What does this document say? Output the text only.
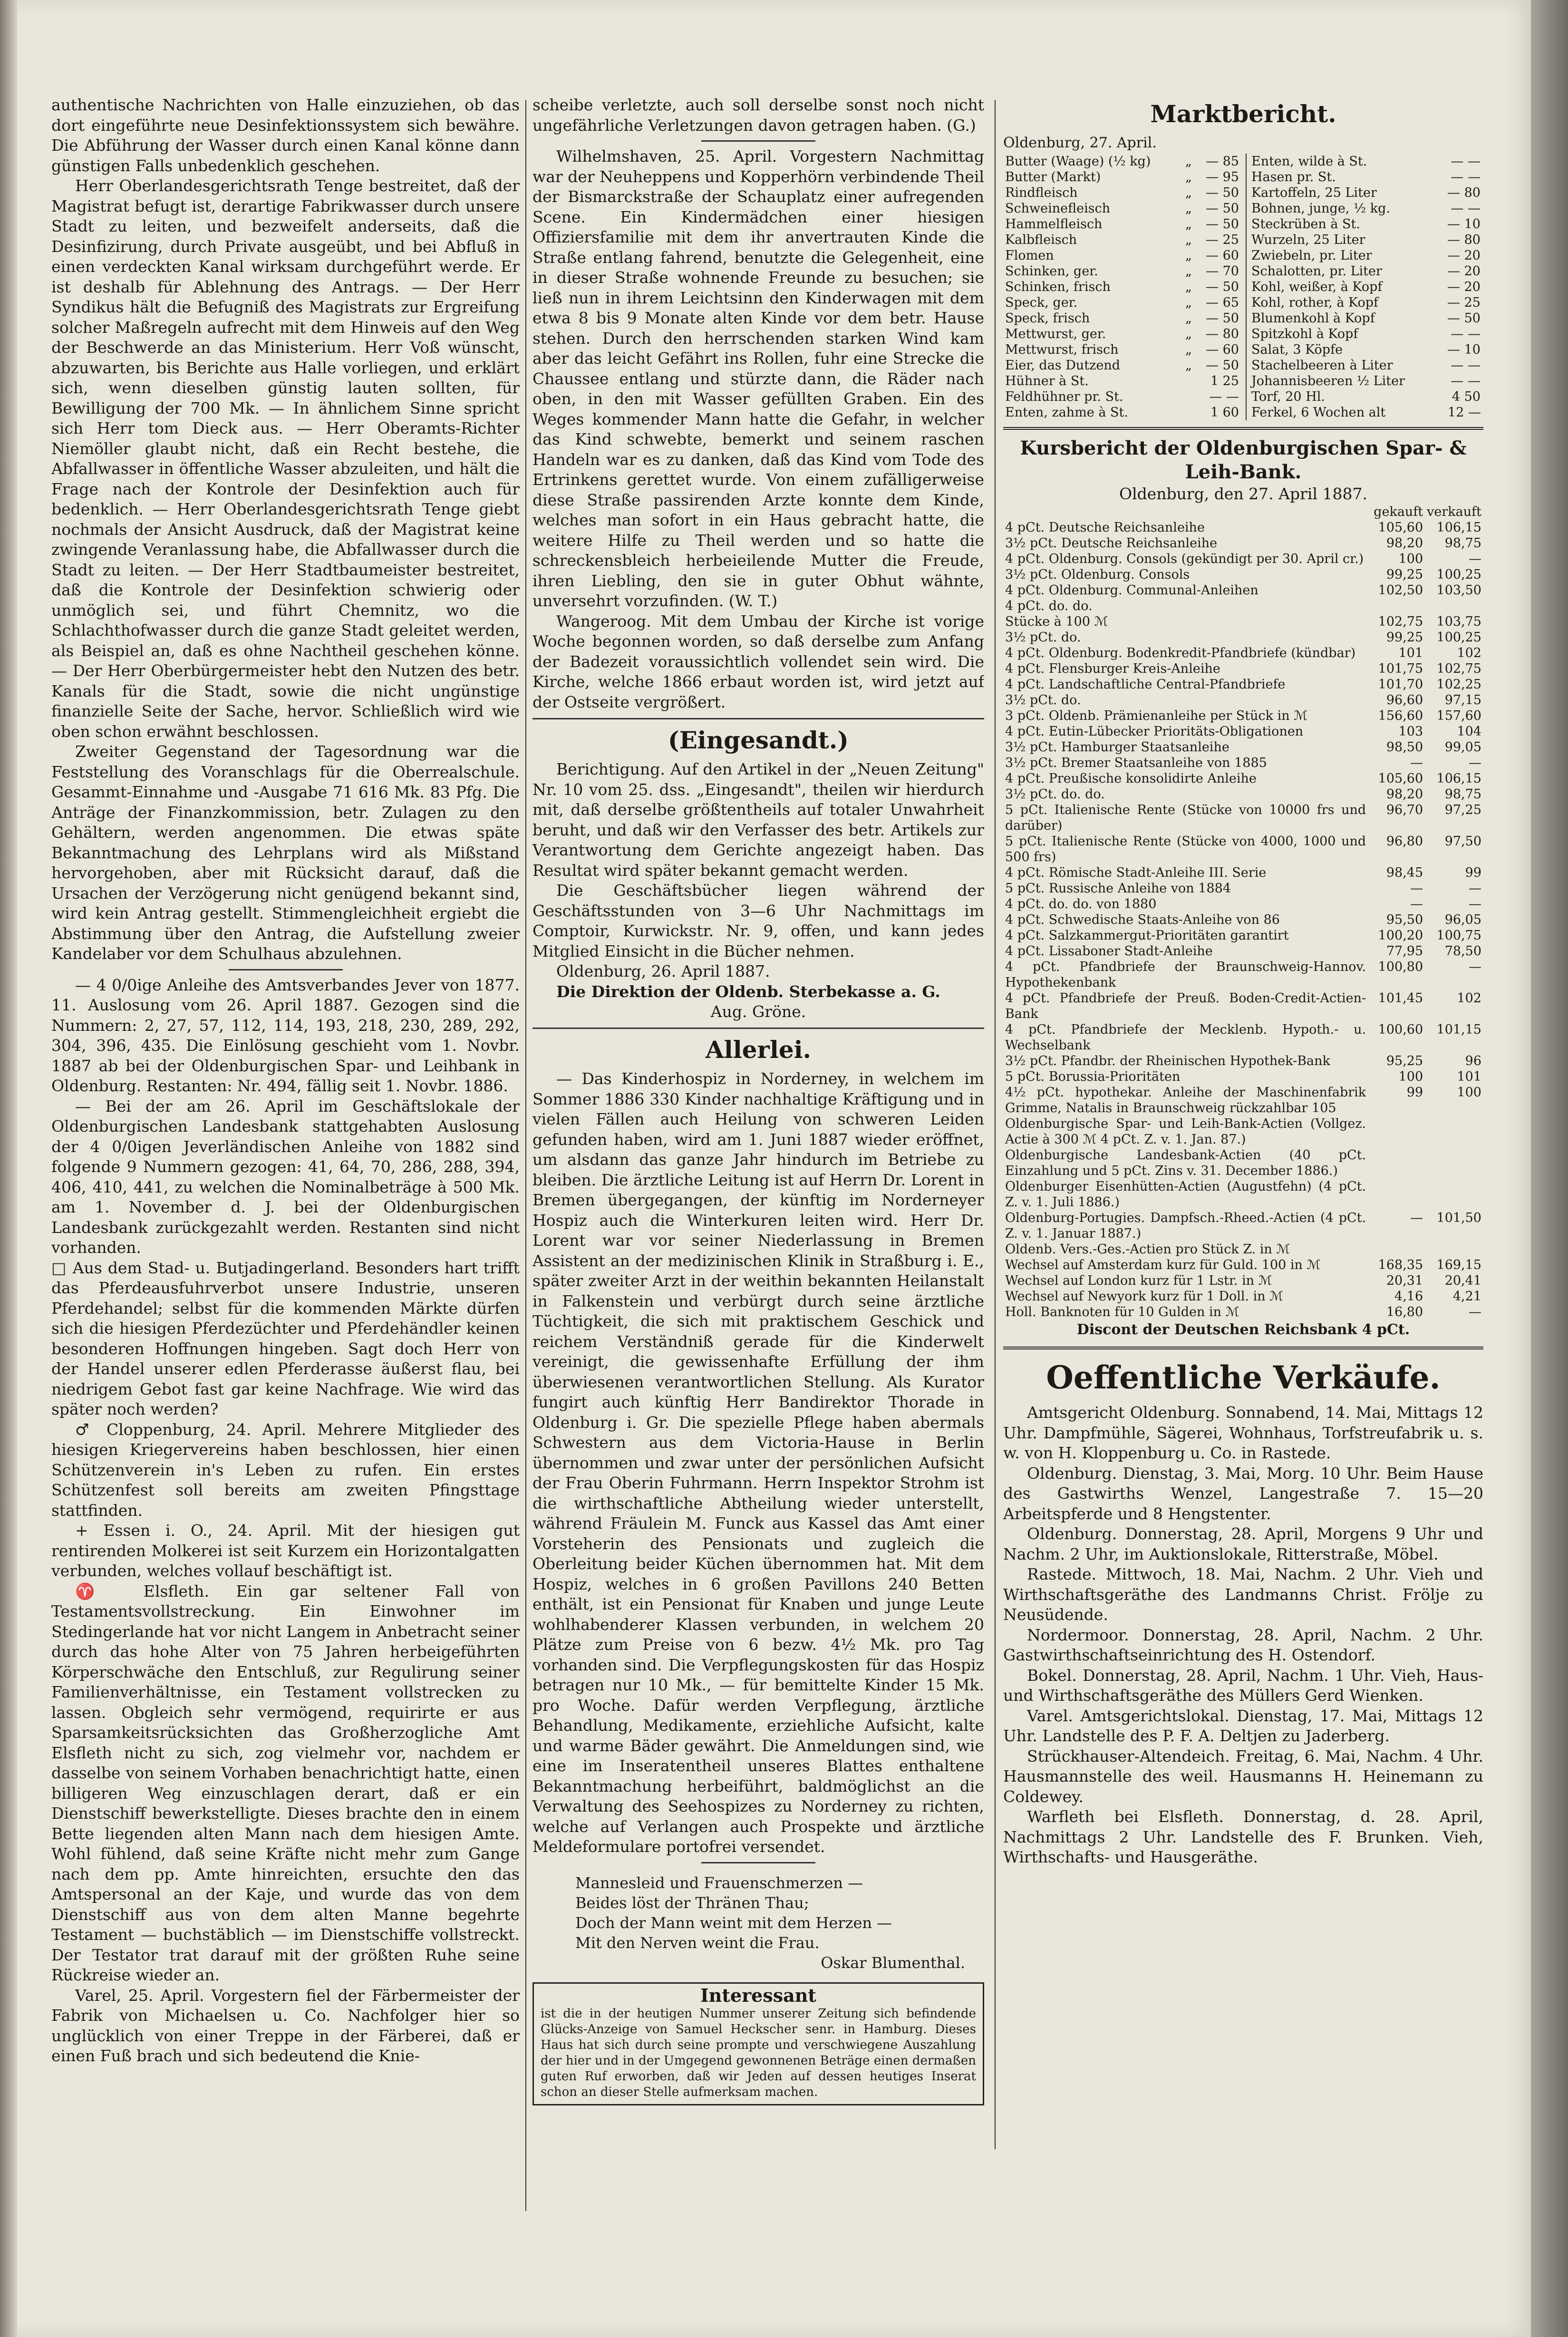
authentische Nachrichten von Halle einzuziehen, ob das dort eingeführte neue Desinfektionssystem sich bewähre. Die Abführung der Wasser durch einen Kanal könne dann günstigen Falls unbedenklich geschehen.

Herr Oberlandesgerichtsrath Tenge bestreitet, daß der Magistrat befugt ist, derartige Fabrikwasser durch unsere Stadt zu leiten, und bezweifelt anderseits, daß die Desinfizirung, durch Private ausgeübt, und bei Abfluß in einen verdeckten Kanal wirksam durchgeführt werde. Er ist deshalb für Ablehnung des Antrags. — Der Herr Syndikus hält die Befugniß des Magistrats zur Ergreifung solcher Maßregeln aufrecht mit dem Hinweis auf den Weg der Beschwerde an das Ministerium. Herr Voß wünscht, abzuwarten, bis Berichte aus Halle vorliegen, und erklärt sich, wenn dieselben günstig lauten sollten, für Bewilligung der 700 Mk. — In ähnlichem Sinne spricht sich Herr tom Dieck aus. — Herr Oberamts-Richter Niemöller glaubt nicht, daß ein Recht bestehe, die Abfallwasser in öffentliche Wasser abzuleiten, und hält die Frage nach der Kontrole der Desinfektion auch für bedenklich. — Herr Oberlandesgerichtsrath Tenge giebt nochmals der Ansicht Ausdruck, daß der Magistrat keine zwingende Veranlassung habe, die Abfallwasser durch die Stadt zu leiten. — Der Herr Stadtbaumeister bestreitet, daß die Kontrole der Desinfektion schwierig oder unmöglich sei, und führt Chemnitz, wo die Schlachthofwasser durch die ganze Stadt geleitet werden, als Beispiel an, daß es ohne Nachtheil geschehen könne. — Der Herr Oberbürgermeister hebt den Nutzen des betr. Kanals für die Stadt, sowie die nicht ungünstige finanzielle Seite der Sache, hervor. Schließlich wird wie oben schon erwähnt beschlossen.

Zweiter Gegenstand der Tagesordnung war die Feststellung des Voranschlags für die Oberrealschule. Gesammt-Einnahme und -Ausgabe 71 616 Mk. 83 Pfg. Die Anträge der Finanzkommission, betr. Zulagen zu den Gehältern, werden angenommen. Die etwas späte Bekanntmachung des Lehrplans wird als Mißstand hervorgehoben, aber mit Rücksicht darauf, daß die Ursachen der Verzögerung nicht genügend bekannt sind, wird kein Antrag gestellt. Stimmengleichheit ergiebt die Abstimmung über den Antrag, die Aufstellung zweier Kandelaber vor dem Schulhaus abzulehnen.

— 4 0/0ige Anleihe des Amtsverbandes Jever von 1877. 11. Auslosung vom 26. April 1887. Gezogen sind die Nummern: 2, 27, 57, 112, 114, 193, 218, 230, 289, 292, 304, 396, 435. Die Einlösung geschieht vom 1. Novbr. 1887 ab bei der Oldenburgischen Spar- und Leihbank in Oldenburg. Restanten: Nr. 494, fällig seit 1. Novbr. 1886.

— Bei der am 26. April im Geschäftslokale der Oldenburgischen Landesbank stattgehabten Auslosung der 4 0/0igen Jeverländischen Anleihe von 1882 sind folgende 9 Nummern gezogen: 41, 64, 70, 286, 288, 394, 406, 410, 441, zu welchen die Nominalbeträge à 500 Mk. am 1. November d. J. bei der Oldenburgischen Landesbank zurückgezahlt werden. Restanten sind nicht vorhanden.

□ Aus dem Stad- u. Butjadingerland. Besonders hart trifft das Pferdeausfuhrverbot unsere Industrie, unseren Pferdehandel; selbst für die kommenden Märkte dürfen sich die hiesigen Pferdezüchter und Pferdehändler keinen besonderen Hoffnungen hingeben. Sagt doch Herr von der Handel unserer edlen Pferderasse äußerst flau, bei niedrigem Gebot fast gar keine Nachfrage. Wie wird das später noch werden?

♂ Cloppenburg, 24. April. Mehrere Mitglieder des hiesigen Kriegervereins haben beschlossen, hier einen Schützenverein in's Leben zu rufen. Ein erstes Schützenfest soll bereits am zweiten Pfingsttage stattfinden.

+ Essen i. O., 24. April. Mit der hiesigen gut rentirenden Molkerei ist seit Kurzem ein Horizontalgatten verbunden, welches vollauf beschäftigt ist.

♈ Elsfleth. Ein gar seltener Fall von Testamentsvollstreckung. Ein Einwohner im Stedingerlande hat vor nicht Langem in Anbetracht seiner durch das hohe Alter von 75 Jahren herbeigeführten Körperschwäche den Entschluß, zur Regulirung seiner Familienverhältnisse, ein Testament vollstrecken zu lassen. Obgleich sehr vermögend, requirirte er aus Sparsamkeitsrücksichten das Großherzogliche Amt Elsfleth nicht zu sich, zog vielmehr vor, nachdem er dasselbe von seinem Vorhaben benachrichtigt hatte, einen billigeren Weg einzuschlagen derart, daß er ein Dienstschiff bewerkstelligte. Dieses brachte den in einem Bette liegenden alten Mann nach dem hiesigen Amte. Wohl fühlend, daß seine Kräfte nicht mehr zum Gange nach dem pp. Amte hinreichten, ersuchte den das Amtspersonal an der Kaje, und wurde das von dem Dienstschiff aus von dem alten Manne begehrte Testament — buchstäblich — im Dienstschiffe vollstreckt. Der Testator trat darauf mit der größten Ruhe seine Rückreise wieder an.

Varel, 25. April. Vorgestern fiel der Färbermeister der Fabrik von Michaelsen u. Co. Nachfolger hier so unglücklich von einer Treppe in der Färberei, daß er einen Fuß brach und sich bedeutend die Knie-

scheibe verletzte, auch soll derselbe sonst noch nicht ungefährliche Verletzungen davon getragen haben. (G.)

Wilhelmshaven, 25. April. Vorgestern Nachmittag war der Neuheppens und Kopperhörn verbindende Theil der Bismarckstraße der Schauplatz einer aufregenden Scene. Ein Kindermädchen einer hiesigen Offiziersfamilie mit dem ihr anvertrauten Kinde die Straße entlang fahrend, benutzte die Gelegenheit, eine in dieser Straße wohnende Freunde zu besuchen; sie ließ nun in ihrem Leichtsinn den Kinderwagen mit dem etwa 8 bis 9 Monate alten Kinde vor dem betr. Hause stehen. Durch den herrschenden starken Wind kam aber das leicht Gefährt ins Rollen, fuhr eine Strecke die Chaussee entlang und stürzte dann, die Räder nach oben, in den mit Wasser gefüllten Graben. Ein des Weges kommender Mann hatte die Gefahr, in welcher das Kind schwebte, bemerkt und seinem raschen Handeln war es zu danken, daß das Kind vom Tode des Ertrinkens gerettet wurde. Von einem zufälligerweise diese Straße passirenden Arzte konnte dem Kinde, welches man sofort in ein Haus gebracht hatte, die weitere Hilfe zu Theil werden und so hatte die schreckensbleich herbeieilende Mutter die Freude, ihren Liebling, den sie in guter Obhut wähnte, unversehrt vorzufinden. (W. T.)

Wangeroog. Mit dem Umbau der Kirche ist vorige Woche begonnen worden, so daß derselbe zum Anfang der Badezeit voraussichtlich vollendet sein wird. Die Kirche, welche 1866 erbaut worden ist, wird jetzt auf der Ostseite vergrößert.

(Eingesandt.)

Berichtigung. Auf den Artikel in der „Neuen Zeitung" Nr. 10 vom 25. dss. „Eingesandt", theilen wir hierdurch mit, daß derselbe größtentheils auf totaler Unwahrheit beruht, und daß wir den Verfasser des betr. Artikels zur Verantwortung dem Gerichte angezeigt haben. Das Resultat wird später bekannt gemacht werden.

Die Geschäftsbücher liegen während der Geschäftsstunden von 3—6 Uhr Nachmittags im Comptoir, Kurwickstr. Nr. 9, offen, und kann jedes Mitglied Einsicht in die Bücher nehmen.

Oldenburg, 26. April 1887.

Die Direktion der Oldenb. Sterbekasse a. G.

Aug. Gröne.
Allerlei.

— Das Kinderhospiz in Norderney, in welchem im Sommer 1886 330 Kinder nachhaltige Kräftigung und in vielen Fällen auch Heilung von schweren Leiden gefunden haben, wird am 1. Juni 1887 wieder eröffnet, um alsdann das ganze Jahr hindurch im Betriebe zu bleiben. Die ärztliche Leitung ist auf Herrn Dr. Lorent in Bremen übergegangen, der künftig im Norderneyer Hospiz auch die Winterkuren leiten wird. Herr Dr. Lorent war vor seiner Niederlassung in Bremen Assistent an der medizinischen Klinik in Straßburg i. E., später zweiter Arzt in der weithin bekannten Heilanstalt in Falkenstein und verbürgt durch seine ärztliche Tüchtigkeit, die sich mit praktischem Geschick und reichem Verständniß gerade für die Kinderwelt vereinigt, die gewissenhafte Erfüllung der ihm überwiesenen verantwortlichen Stellung. Als Kurator fungirt auch künftig Herr Bandirektor Thorade in Oldenburg i. Gr. Die spezielle Pflege haben abermals Schwestern aus dem Victoria-Hause in Berlin übernommen und zwar unter der persönlichen Aufsicht der Frau Oberin Fuhrmann. Herrn Inspektor Strohm ist die wirthschaftliche Abtheilung wieder unterstellt, während Fräulein M. Funck aus Kassel das Amt einer Vorsteherin des Pensionats und zugleich die Oberleitung beider Küchen übernommen hat. Mit dem Hospiz, welches in 6 großen Pavillons 240 Betten enthält, ist ein Pensionat für Knaben und junge Leute wohlhabenderer Klassen verbunden, in welchem 20 Plätze zum Preise von 6 bezw. 4½ Mk. pro Tag vorhanden sind. Die Verpflegungskosten für das Hospiz betragen nur 10 Mk., — für bemittelte Kinder 15 Mk. pro Woche. Dafür werden Verpflegung, ärztliche Behandlung, Medikamente, erziehliche Aufsicht, kalte und warme Bäder gewährt. Die Anmeldungen sind, wie eine im Inseratentheil unseres Blattes enthaltene Bekanntmachung herbeiführt, baldmöglichst an die Verwaltung des Seehospizes zu Norderney zu richten, welche auf Verlangen auch Prospekte und ärztliche Meldeformulare portofrei versendet.

Mannesleid und Frauenschmerzen —
Beides löst der Thränen Thau;
Doch der Mann weint mit dem Herzen —
Mit den Nerven weint die Frau.
Oskar Blumenthal.
Interessant
ist die in der heutigen Nummer unserer Zeitung sich befindende Glücks-Anzeige von Samuel Heckscher senr. in Hamburg. Dieses Haus hat sich durch seine prompte und verschwiegene Auszahlung der hier und in der Umgegend gewonnenen Beträge einen dermaßen guten Ruf erworben, daß wir Jeden auf dessen heutiges Inserat schon an dieser Stelle aufmerksam machen.
Marktbericht.
Oldenburg, 27. April.
Butter (Waage) (½ kg)	„	— 85
Butter (Markt)	„	— 95
Rindfleisch	„	— 50
Schweinefleisch	„	— 50
Hammelfleisch	„	— 50
Kalbfleisch	„	— 25
Flomen	„	— 60
Schinken, ger.	„	— 70
Schinken, frisch	„	— 50
Speck, ger.	„	— 65
Speck, frisch	„	— 50
Mettwurst, ger.	„	— 80
Mettwurst, frisch	„	— 60
Eier, das Dutzend	„	— 50
Hühner à St.		1 25
Feldhühner pr. St.		— —
Enten, zahme à St.		1 60
Enten, wilde à St.	— —
Hasen pr. St.	— —
Kartoffeln, 25 Liter	— 80
Bohnen, junge, ½ kg.	— —
Steckrüben à St.	— 10
Wurzeln, 25 Liter	— 80
Zwiebeln, pr. Liter	— 20
Schalotten, pr. Liter	— 20
Kohl, weißer, à Kopf	— 20
Kohl, rother, à Kopf	— 25
Blumenkohl à Kopf	— 50
Spitzkohl à Kopf	— —
Salat, 3 Köpfe	— 10
Stachelbeeren à Liter	— —
Johannisbeeren ½ Liter	— —
Torf, 20 Hl.	4 50
Ferkel, 6 Wochen alt	12 —
Kursbericht der Oldenburgischen Spar- & Leih-Bank.
Oldenburg, den 27. April 1887.
	gekauft	verkauft
4 pCt. Deutsche Reichsanleihe	105,60	106,15
3½ pCt. Deutsche Reichsanleihe	98,20	98,75
4 pCt. Oldenburg. Consols (gekündigt per 30. April cr.)	100	—
3½ pCt. Oldenburg. Consols	99,25	100,25
4 pCt. Oldenburg. Communal-Anleihen	102,50	103,50
4 pCt. do. do.		
Stücke à 100 ℳ	102,75	103,75
3½ pCt. do.	99,25	100,25
4 pCt. Oldenburg. Bodenkredit-Pfandbriefe (kündbar)	101	102
4 pCt. Flensburger Kreis-Anleihe	101,75	102,75
4 pCt. Landschaftliche Central-Pfandbriefe	101,70	102,25
3½ pCt. do.	96,60	97,15
3 pCt. Oldenb. Prämienanleihe per Stück in ℳ	156,60	157,60
4 pCt. Eutin-Lübecker Prioritäts-Obligationen	103	104
3½ pCt. Hamburger Staatsanleihe	98,50	99,05
3½ pCt. Bremer Staatsanleihe von 1885	—	—
4 pCt. Preußische konsolidirte Anleihe	105,60	106,15
3½ pCt. do. do.	98,20	98,75
5 pCt. Italienische Rente (Stücke von 10000 frs und darüber)	96,70	97,25
5 pCt. Italienische Rente (Stücke von 4000, 1000 und 500 frs)	96,80	97,50
4 pCt. Römische Stadt-Anleihe III. Serie	98,45	99
5 pCt. Russische Anleihe von 1884	—	—
4 pCt. do. do. von 1880	—	—
4 pCt. Schwedische Staats-Anleihe von 86	95,50	96,05
4 pCt. Salzkammergut-Prioritäten garantirt	100,20	100,75
4 pCt. Lissaboner Stadt-Anleihe	77,95	78,50
4 pCt. Pfandbriefe der Braunschweig-Hannov. Hypothekenbank	100,80	—
4 pCt. Pfandbriefe der Preuß. Boden-Credit-Actien-Bank	101,45	102
4 pCt. Pfandbriefe der Mecklenb. Hypoth.- u. Wechselbank	100,60	101,15
3½ pCt. Pfandbr. der Rheinischen Hypothek-Bank	95,25	96
5 pCt. Borussia-Prioritäten	100	101
4½ pCt. hypothekar. Anleihe der Maschinenfabrik Grimme, Natalis in Braunschweig rückzahlbar 105	99	100
Oldenburgische Spar- und Leih-Bank-Actien (Vollgez. Actie à 300 ℳ 4 pCt. Z. v. 1. Jan. 87.)		
Oldenburgische Landesbank-Actien (40 pCt. Einzahlung und 5 pCt. Zins v. 31. December 1886.)		
Oldenburger Eisenhütten-Actien (Augustfehn) (4 pCt. Z. v. 1. Juli 1886.)		
Oldenburg-Portugies. Dampfsch.-Rheed.-Actien (4 pCt. Z. v. 1. Januar 1887.)	—	101,50
Oldenb. Vers.-Ges.-Actien pro Stück Z. in ℳ		
Wechsel auf Amsterdam kurz für Guld. 100 in ℳ	168,35	169,15
Wechsel auf London kurz für 1 Lstr. in ℳ	20,31	20,41
Wechsel auf Newyork kurz für 1 Doll. in ℳ	4,16	4,21
Holl. Banknoten für 10 Gulden in ℳ	16,80	—
Discont der Deutschen Reichsbank 4 pCt.
Oeffentliche Verkäufe.

Amtsgericht Oldenburg. Sonnabend, 14. Mai, Mittags 12 Uhr. Dampfmühle, Sägerei, Wohnhaus, Torfstreufabrik u. s. w. von H. Kloppenburg u. Co. in Rastede.

Oldenburg. Dienstag, 3. Mai, Morg. 10 Uhr. Beim Hause des Gastwirths Wenzel, Langestraße 7. 15—20 Arbeitspferde und 8 Hengstenter.

Oldenburg. Donnerstag, 28. April, Morgens 9 Uhr und Nachm. 2 Uhr, im Auktionslokale, Ritterstraße, Möbel.

Rastede. Mittwoch, 18. Mai, Nachm. 2 Uhr. Vieh und Wirthschaftsgeräthe des Landmanns Christ. Frölje zu Neusüdende.

Nordermoor. Donnerstag, 28. April, Nachm. 2 Uhr. Gastwirthschaftseinrichtung des H. Ostendorf.

Bokel. Donnerstag, 28. April, Nachm. 1 Uhr. Vieh, Haus- und Wirthschaftsgeräthe des Müllers Gerd Wienken.

Varel. Amtsgerichtslokal. Dienstag, 17. Mai, Mittags 12 Uhr. Landstelle des P. F. A. Deltjen zu Jaderberg.

Strückhauser-Altendeich. Freitag, 6. Mai, Nachm. 4 Uhr. Hausmannstelle des weil. Hausmanns H. Heinemann zu Coldewey.

Warfleth bei Elsfleth. Donnerstag, d. 28. April, Nachmittags 2 Uhr. Landstelle des F. Brunken. Vieh, Wirthschafts- und Hausgeräthe.
